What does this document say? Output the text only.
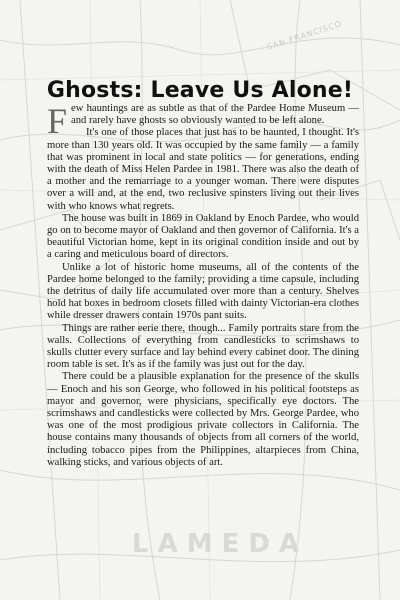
SAN FRANCISCO
LAMEDA
Ghosts: Leave Us Alone!

Few hauntings are as subtle as that of the Pardee Home Museum — and rarely have ghosts so obviously wanted to be left alone.

It's one of those places that just has to be haunted, I thought. It's more than 130 years old. It was occupied by the same family — a family that was prominent in local and state politics — for generations, ending with the death of Miss Helen Pardee in 1981. There was also the death of a mother and the remarriage to a younger woman. There were disputes over a will and, at the end, two reclusive spinsters living out their lives with who knows what regrets.

The house was built in 1869 in Oakland by Enoch Pardee, who would go on to become mayor of Oakland and then governor of California. It's a beautiful Victorian home, kept in its original condition inside and out by a caring and meticulous board of directors.

Unlike a lot of historic home museums, all of the contents of the Pardee home belonged to the family; providing a time capsule, including the detritus of daily life accumulated over more than a century. Shelves hold hat boxes in bedroom closets filled with dainty Victorian-era clothes while dresser drawers contain 1970s pant suits.

Things are rather eerie there, though... Family portraits stare from the walls. Collections of everything from candlesticks to scrimshaws to skulls clutter every surface and lay behind every cabinet door. The dining room table is set. It's as if the family was just out for the day.

There could be a plausible explanation for the presence of the skulls — Enoch and his son George, who followed in his political footsteps as mayor and governor, were physicians, specifically eye doctors. The scrimshaws and candlesticks were collected by Mrs. George Pardee, who was one of the most prodigious private collectors in California. The house contains many thousands of objects from all corners of the world, including tobacco pipes from the Philippines, altarpieces from China, walking sticks, and various objects of art.
